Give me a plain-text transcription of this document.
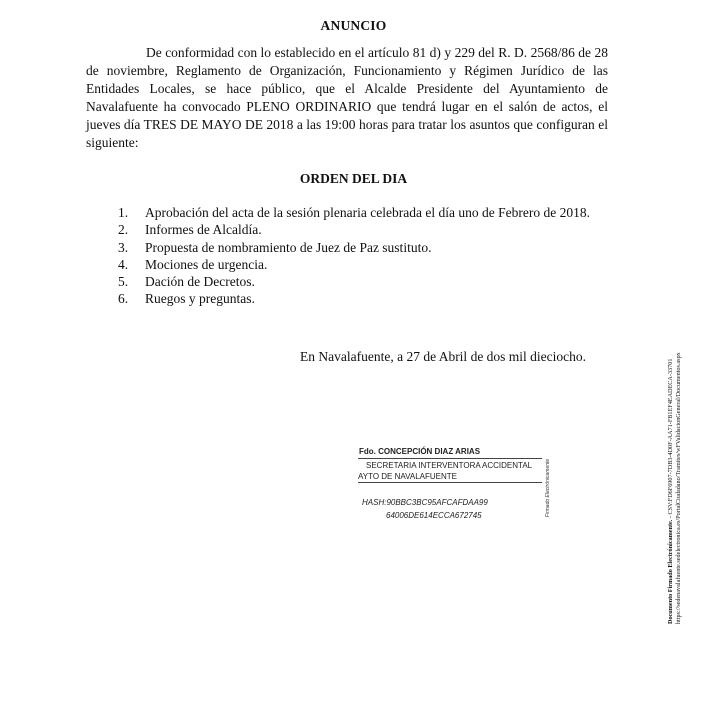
ANUNCIO
De conformidad con lo establecido en el artículo 81 d) y 229 del R. D. 2568/86 de 28 de noviembre, Reglamento de Organización, Funcionamiento y Régimen Jurídico de las Entidades Locales, se hace público, que el Alcalde Presidente del Ayuntamiento de Navalafuente ha convocado PLENO ORDINARIO que tendrá lugar en el salón de actos, el jueves día TRES DE MAYO DE 2018 a las 19:00 horas para tratar los asuntos que configuran el siguiente:
ORDEN DEL DIA
1. Aprobación del acta de la sesión plenaria celebrada el día uno de Febrero de 2018.
2. Informes de Alcaldía.
3. Propuesta de nombramiento de Juez de Paz sustituto.
4. Mociones de urgencia.
5. Dación de Decretos.
6. Ruegos y preguntas.
En Navalafuente, a 27 de Abril de dos mil dieciocho.
Fdo. CONCEPCIÓN DIAZ ARIAS
SECRETARIA INTERVENTORA ACCIDENTAL
AYTO DE NAVALAFUENTE
HASH:90BBC3BC95AFCAFDAA99
64006DE614ECCA672745	Firmado Electrónicamente
Documento Firmado Electrónicamente. - CSV:FD6F6907-7DB3-4D0F-AA71-FB1EF4EADECA-33701 https://sedenavalafuente.sedelectronica.es/PortalCiudadano/Tramites/wFValidacionGeneral/Documentos.aspx
